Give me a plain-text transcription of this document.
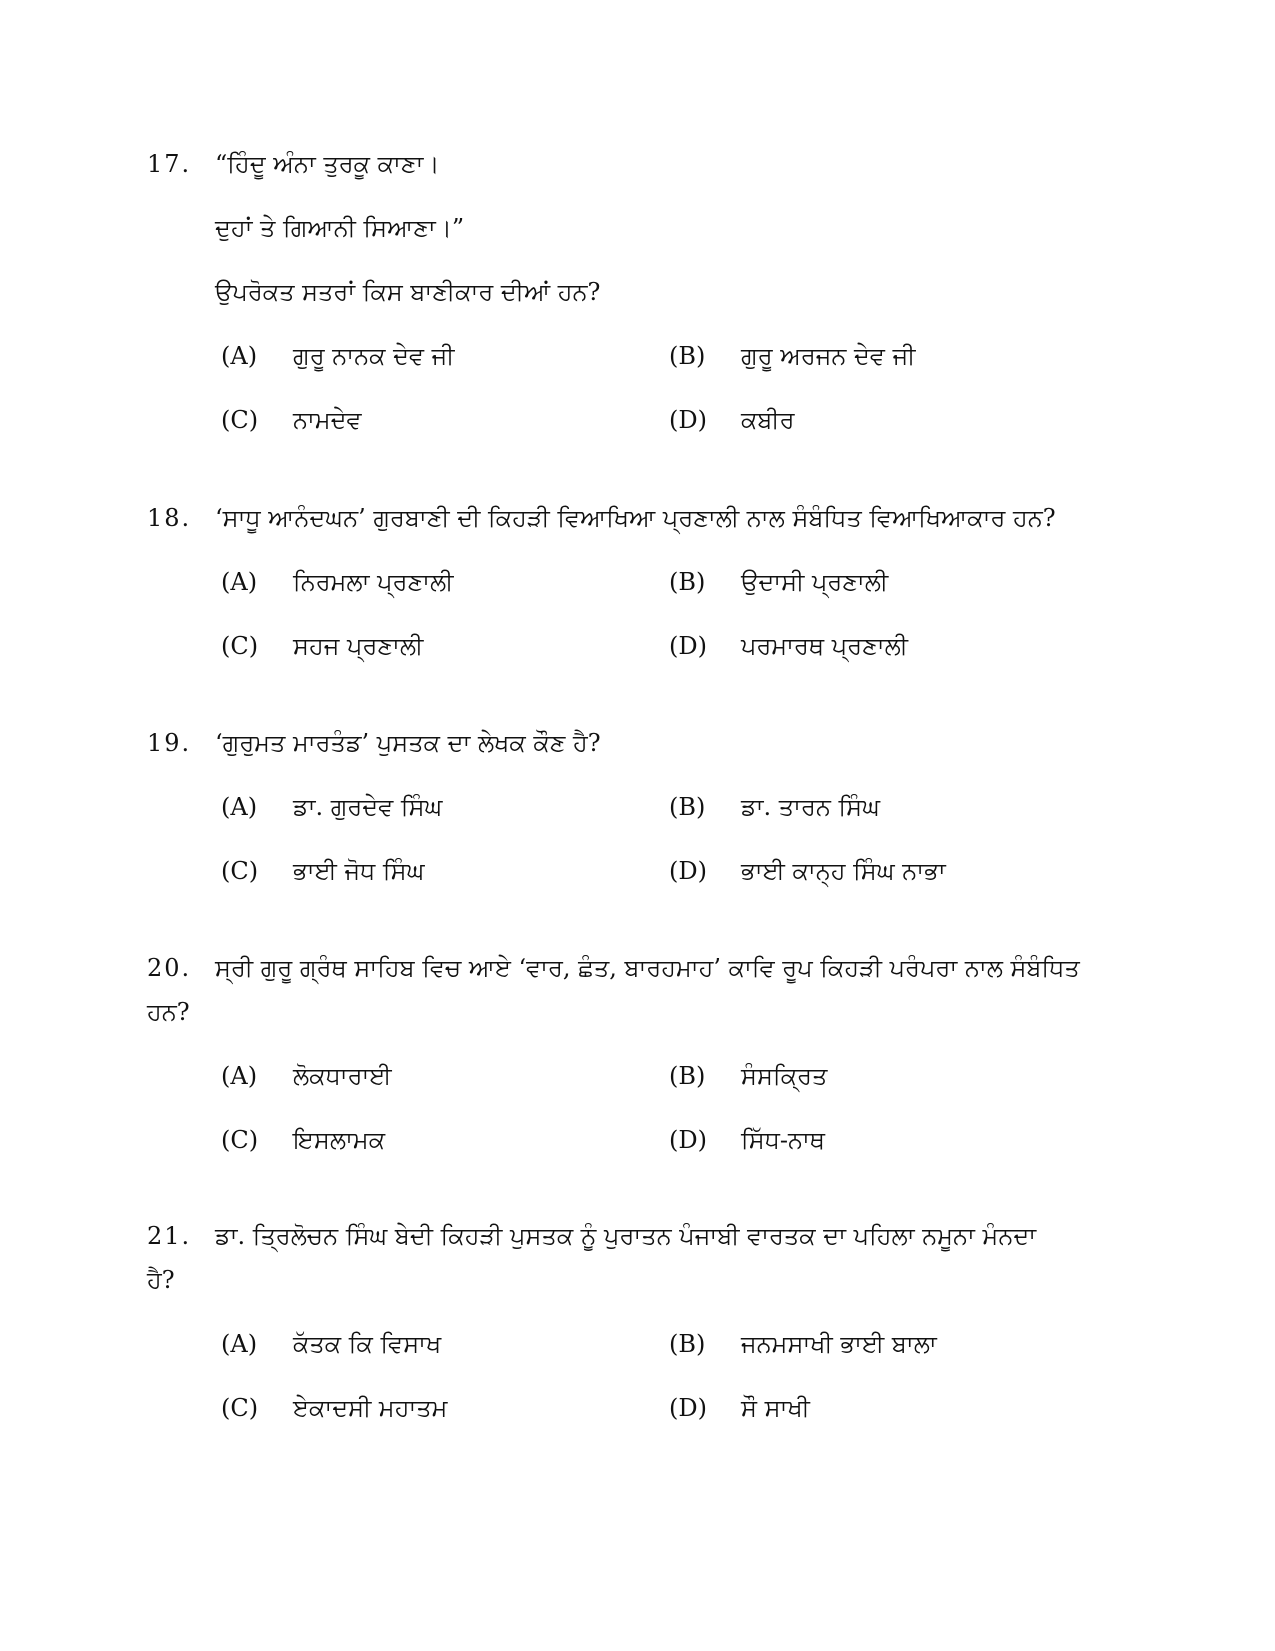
17. “ਹਿੰਦੂ ਅੰਨਾ ਤੁਰਕੂ ਕਾਣਾ।
ਦੁਹਾਂ ਤੇ ਗਿਆਨੀ ਸਿਆਣਾ।”
ਉਪਰੋਕਤ ਸਤਰਾਂ ਕਿਸ ਬਾਣੀਕਾਰ ਦੀਆਂ ਹਨ?
(A) ਗੁਰੂ ਨਾਨਕ ਦੇਵ ਜੀ	(B) ਗੁਰੂ ਅਰਜਨ ਦੇਵ ਜੀ
(C) ਨਾਮਦੇਵ	(D) ਕਬੀਰ
18. ‘ਸਾਧੂ ਆਨੰਦਘਨ’ ਗੁਰਬਾਣੀ ਦੀ ਕਿਹੜੀ ਵਿਆਖਿਆ ਪ੍ਰਣਾਲੀ ਨਾਲ ਸੰਬੰਧਿਤ ਵਿਆਖਿਆਕਾਰ ਹਨ?
(A) ਨਿਰਮਲਾ ਪ੍ਰਣਾਲੀ	(B) ਉਦਾਸੀ ਪ੍ਰਣਾਲੀ
(C) ਸਹਜ ਪ੍ਰਣਾਲੀ	(D) ਪਰਮਾਰਥ ਪ੍ਰਣਾਲੀ
19. ‘ਗੁਰੁਮਤ ਮਾਰਤੰਡ’ ਪੁਸਤਕ ਦਾ ਲੇਖਕ ਕੌਣ ਹੈ?
(A) ਡਾ. ਗੁਰਦੇਵ ਸਿੰਘ	(B) ਡਾ. ਤਾਰਨ ਸਿੰਘ
(C) ਭਾਈ ਜੋਧ ਸਿੰਘ	(D) ਭਾਈ ਕਾਨ੍ਹ ਸਿੰਘ ਨਾਭਾ
20. ਸ੍ਰੀ ਗੁਰੂ ਗ੍ਰੰਥ ਸਾਹਿਬ ਵਿਚ ਆਏ ‘ਵਾਰ, ਛੰਤ, ਬਾਰਹਮਾਹ’ ਕਾਵਿ ਰੂਪ ਕਿਹੜੀ ਪਰੰਪਰਾ ਨਾਲ ਸੰਬੰਧਿਤ
ਹਨ?
(A) ਲੋਕਧਾਰਾਈ	(B) ਸੰਸਕ੍ਰਿਤ
(C) ਇਸਲਾਮਕ	(D) ਸਿੱਧ-ਨਾਥ
21. ਡਾ. ਤ੍ਰਿਲੋਚਨ ਸਿੰਘ ਬੇਦੀ ਕਿਹੜੀ ਪੁਸਤਕ ਨੂੰ ਪੁਰਾਤਨ ਪੰਜਾਬੀ ਵਾਰਤਕ ਦਾ ਪਹਿਲਾ ਨਮੂਨਾ ਮੰਨਦਾ
ਹੈ?
(A) ਕੱਤਕ ਕਿ ਵਿਸਾਖ	(B) ਜਨਮਸਾਖੀ ਭਾਈ ਬਾਲਾ
(C) ਏਕਾਦਸੀ ਮਹਾਤਮ	(D) ਸੌ ਸਾਖੀ
